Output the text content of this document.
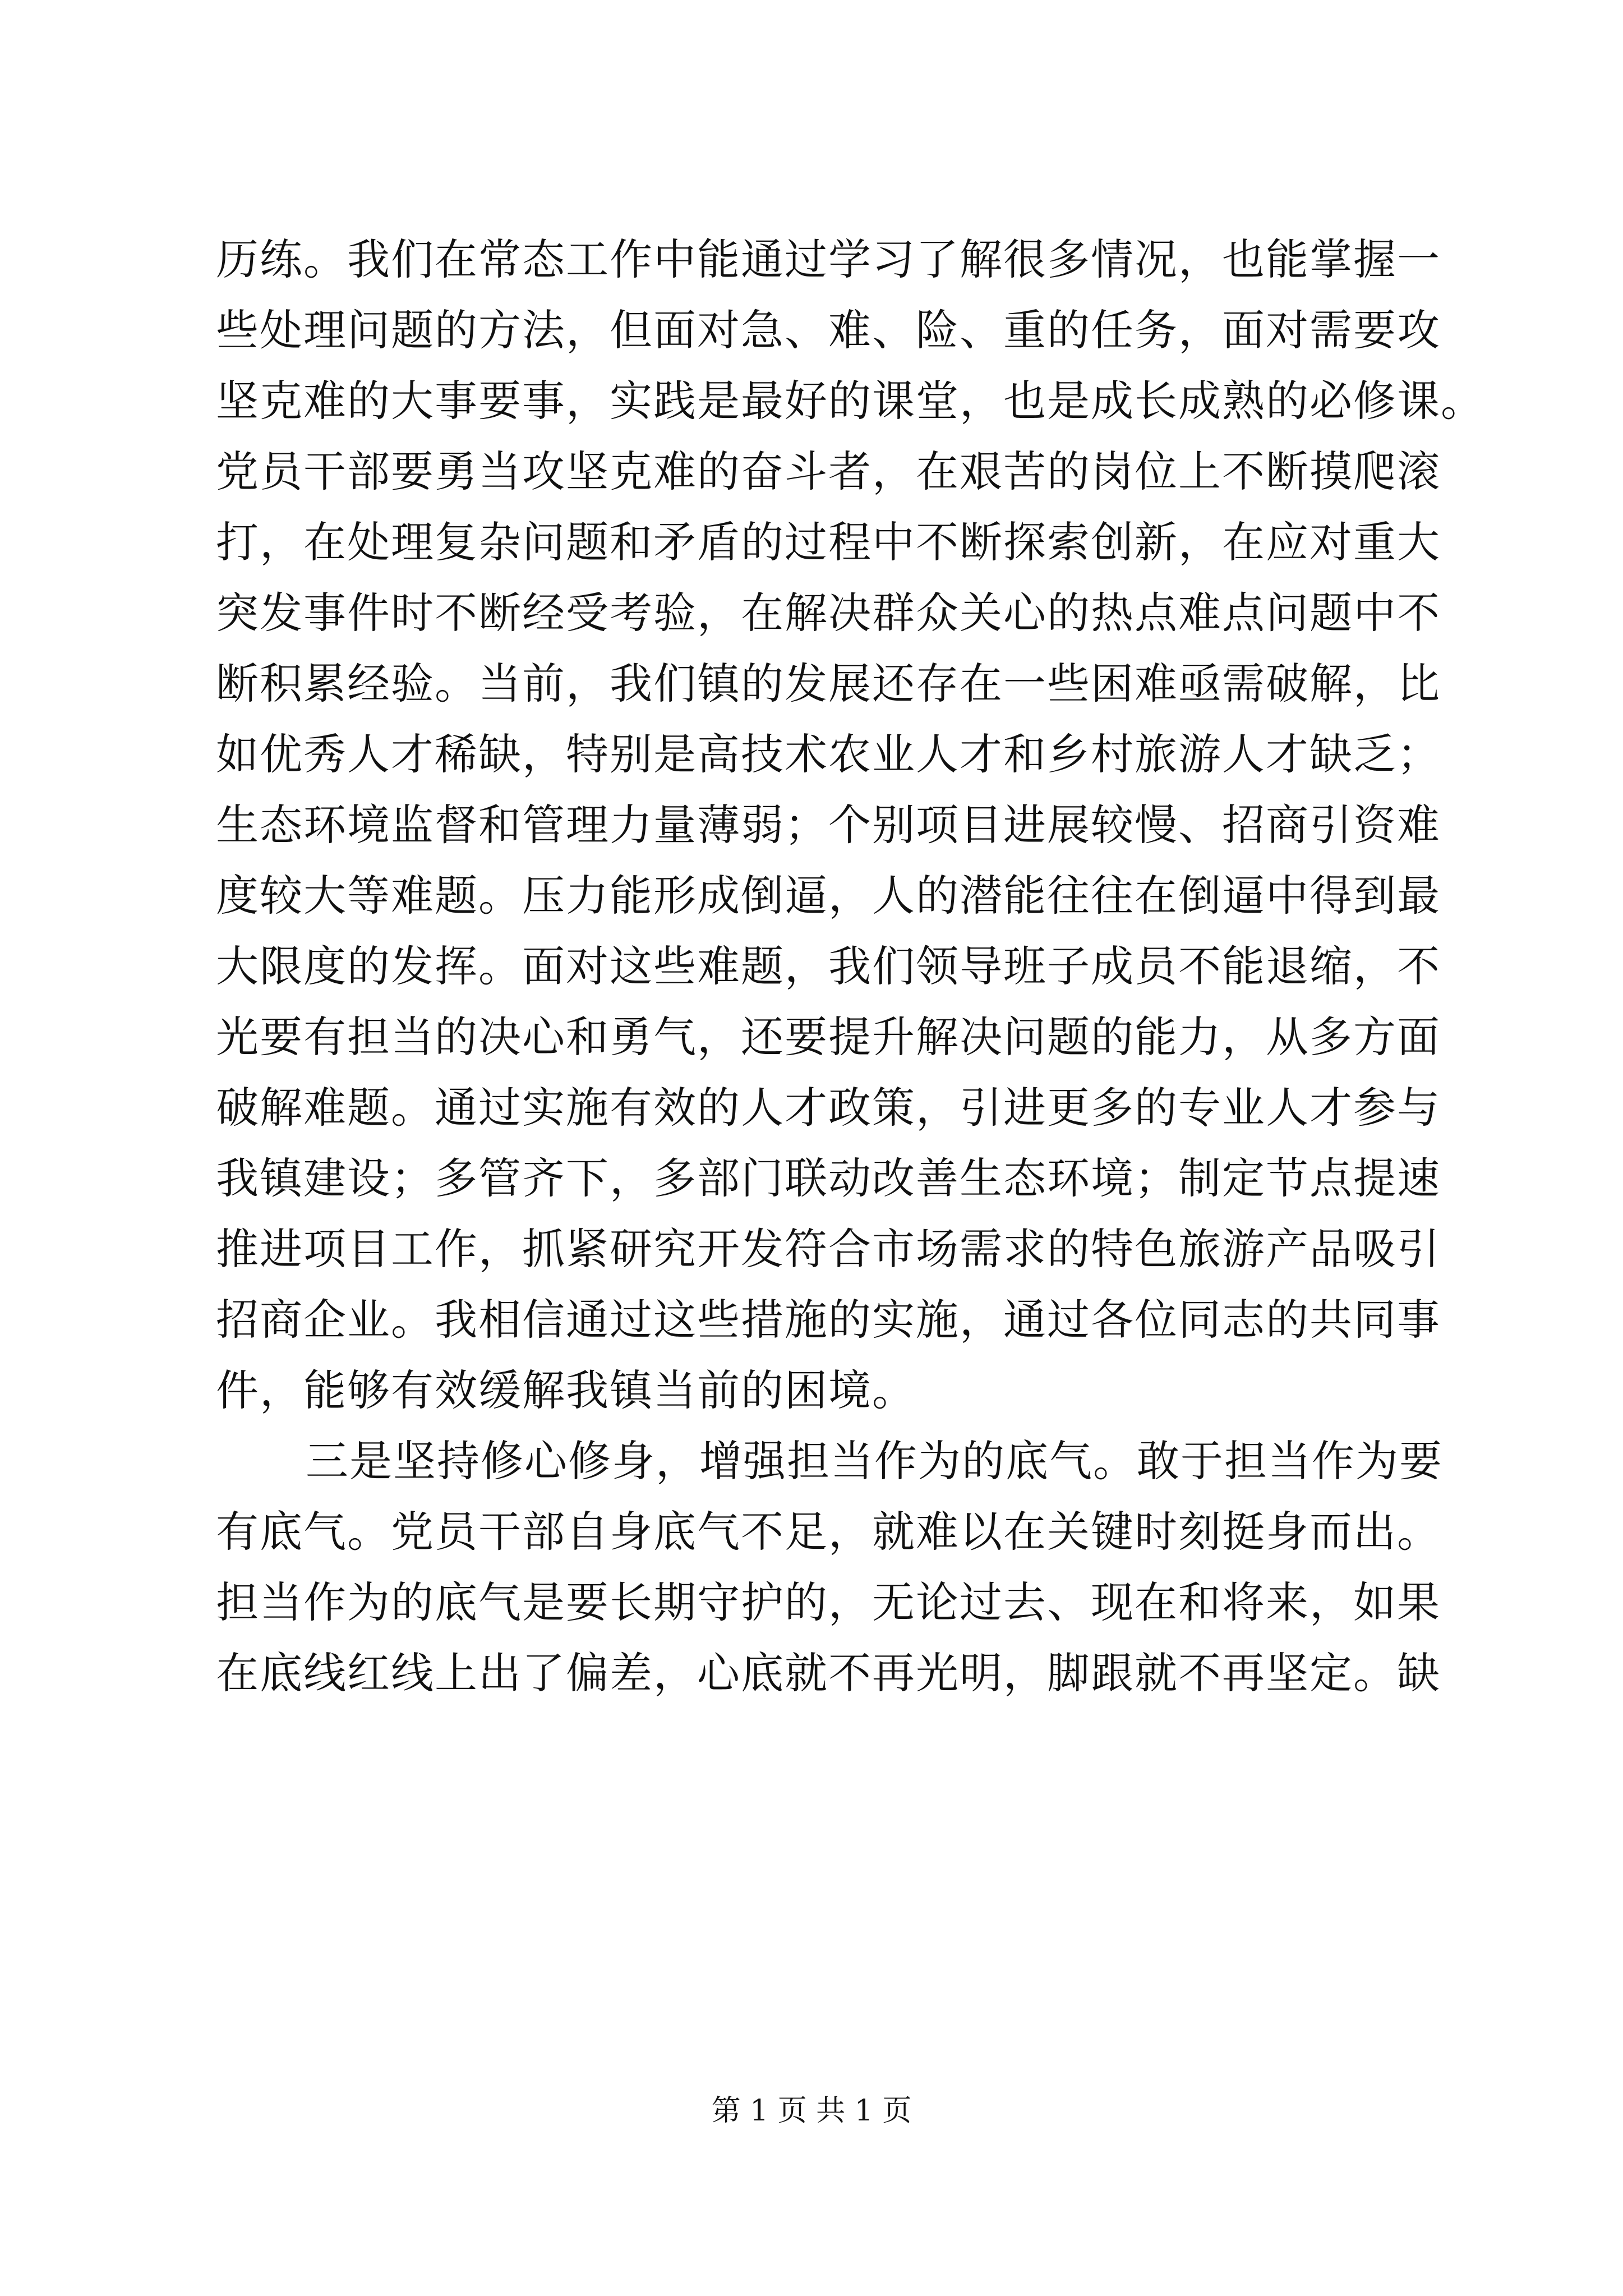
历练。我们在常态工作中能通过学习了解很多情况，也能掌握一
些处理问题的方法，但面对急、难、险、重的任务，面对需要攻
坚克难的大事要事，实践是最好的课堂，也是成长成熟的必修课。
党员干部要勇当攻坚克难的奋斗者，在艰苦的岗位上不断摸爬滚
打，在处理复杂问题和矛盾的过程中不断探索创新，在应对重大
突发事件时不断经受考验，在解决群众关心的热点难点问题中不
断积累经验。当前，我们镇的发展还存在一些困难亟需破解，比
如优秀人才稀缺，特别是高技术农业人才和乡村旅游人才缺乏；
生态环境监督和管理力量薄弱；个别项目进展较慢、招商引资难
度较大等难题。压力能形成倒逼，人的潜能往往在倒逼中得到最
大限度的发挥。面对这些难题，我们领导班子成员不能退缩，不
光要有担当的决心和勇气，还要提升解决问题的能力，从多方面
破解难题。通过实施有效的人才政策，引进更多的专业人才参与
我镇建设；多管齐下，多部门联动改善生态环境；制定节点提速
推进项目工作，抓紧研究开发符合市场需求的特色旅游产品吸引
招商企业。我相信通过这些措施的实施，通过各位同志的共同事
件，能够有效缓解我镇当前的困境。
三是坚持修心修身，增强担当作为的底气。敢于担当作为要
有底气。党员干部自身底气不足，就难以在关键时刻挺身而出。
担当作为的底气是要长期守护的，无论过去、现在和将来，如果
在底线红线上出了偏差，心底就不再光明，脚跟就不再坚定。缺
第 1 页 共 1 页
